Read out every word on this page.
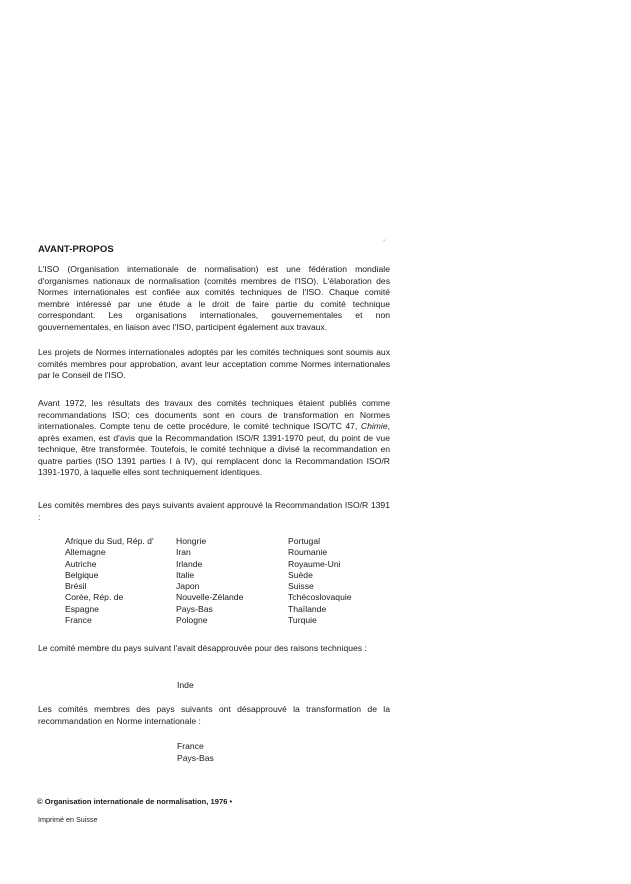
AVANT-PROPOS
L'ISO (Organisation internationale de normalisation) est une fédération mondiale d'organismes nationaux de normalisation (comités membres de l'ISO). L'élaboration des Normes internationales est confiée aux comités techniques de l'ISO. Chaque comité membre intéressé par une étude a le droit de faire partie du comité technique correspondant. Les organisations internationales, gouvernementales et non gouvernementales, en liaison avec l'ISO, participent également aux travaux.
Les projets de Normes internationales adoptés par les comités techniques sont soumis aux comités membres pour approbation, avant leur acceptation comme Normes internationales par le Conseil de l'ISO.
Avant 1972, les résultats des travaux des comités techniques étaient publiés comme recommandations ISO; ces documents sont en cours de transformation en Normes internationales. Compte tenu de cette procédure, le comité technique ISO/TC 47, Chimie, après examen, est d'avis que la Recommandation ISO/R 1391-1970 peut, du point de vue technique, être transformée. Toutefois, le comité technique a divisé la recommandation en quatre parties (ISO 1391 parties I à IV), qui remplacent donc la Recommandation ISO/R 1391-1970, à laquelle elles sont techniquement identiques.
Les comités membres des pays suivants avaient approuvé la Recommandation ISO/R 1391 :
Afrique du Sud, Rép. d'
Allemagne
Autriche
Belgique
Brésil
Corée, Rép. de
Espagne
France
Hongrie
Iran
Irlande
Italie
Japon
Nouvelle-Zélande
Pays-Bas
Pologne
Portugal
Roumanie
Royaume-Uni
Suède
Suisse
Tchécoslovaquie
Thaïlande
Turquie
Le comité membre du pays suivant l'avait désapprouvée pour des raisons techniques :
Inde
Les comités membres des pays suivants ont désapprouvé la transformation de la recommandation en Norme internationale :
France
Pays-Bas
© Organisation internationale de normalisation, 1976 •
Imprimé en Suisse
